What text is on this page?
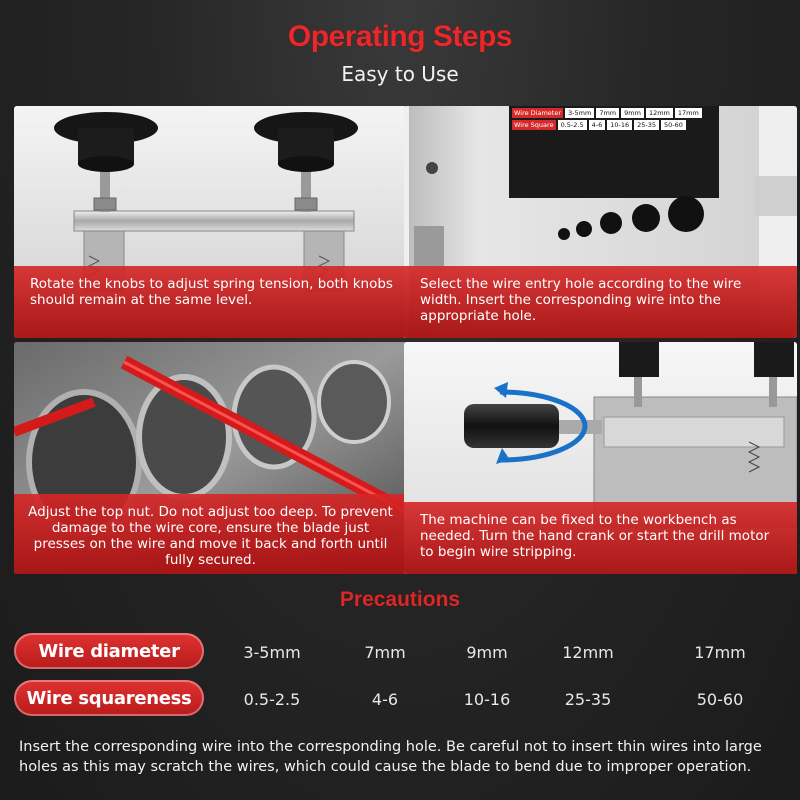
Operating Steps
Easy to Use
Rotate the knobs to adjust spring tension, both knobs should remain at the same level.
Wire Diameter	3-5mm	7mm	9mm	12mm	17mm
Wire Square	0.5-2.5	4-6	10-16	25-35	50-60
Select the wire entry hole according to the wire width. Insert the corresponding wire into the appropriate hole.
Adjust the top nut. Do not adjust too deep. To prevent damage to the wire core, ensure the blade just presses on the wire and move it back and forth until fully secured.
The machine can be fixed to the workbench as needed. Turn the hand crank or start the drill motor to begin wire stripping.
Precautions
Wire diameter	3-5mm	7mm	9mm	12mm	17mm
Wire squareness	0.5-2.5	4-6	10-16	25-35	50-60
Insert the corresponding wire into the corresponding hole. Be careful not to insert thin wires into large holes as this may scratch the wires, which could cause the blade to bend due to improper operation.
